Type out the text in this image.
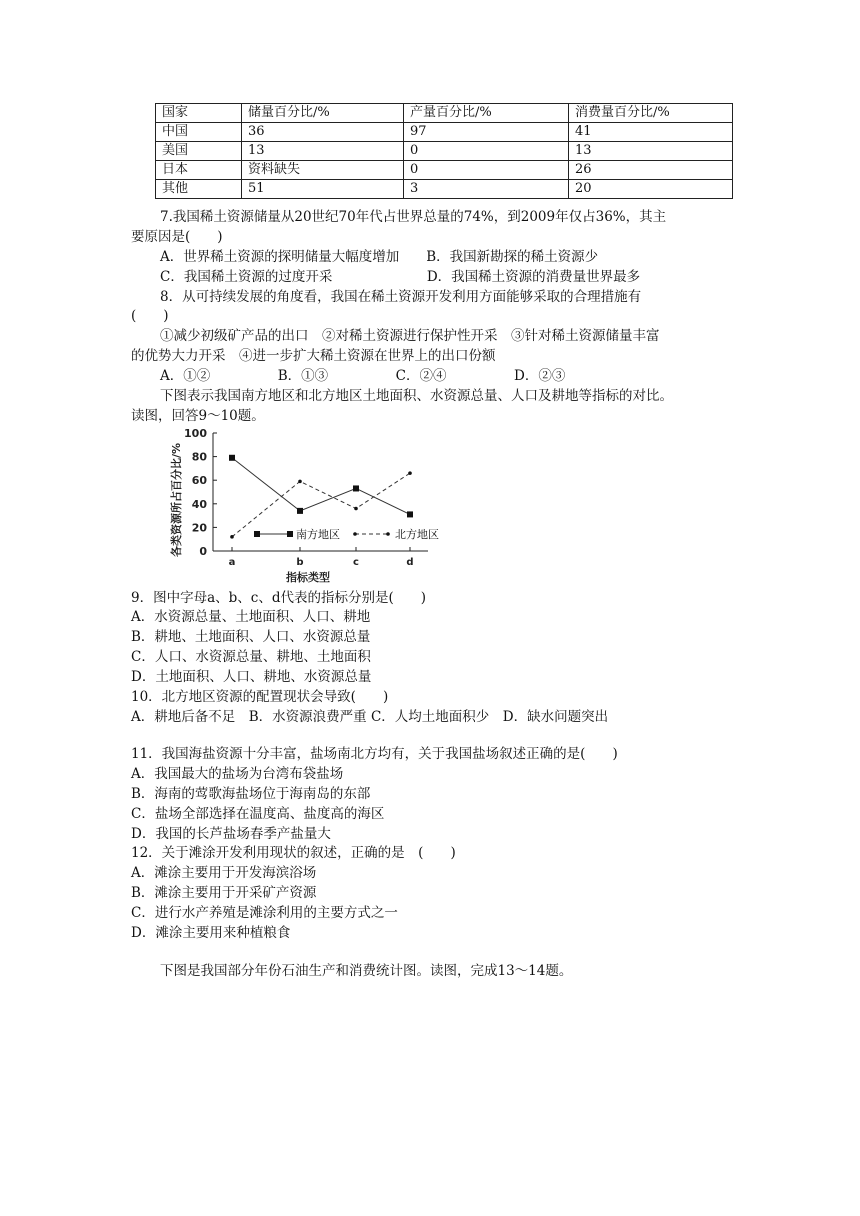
国家	储量百分比/%	产量百分比/%	消费量百分比/%
中国	36	97	41
美国	13	0	13
日本	资料缺失	0	26
其他	51	3	20
7.我国稀土资源储量从20世纪70年代占世界总量的74%，到2009年仅占36%，其主
要原因是(　　)
A．世界稀土资源的探明储量大幅度增加　　B．我国新勘探的稀土资源少
C．我国稀土资源的过度开采　　　　　　　D．我国稀土资源的消费量世界最多
8．从可持续发展的角度看，我国在稀土资源开发利用方面能够采取的合理措施有
(　　)
①减少初级矿产品的出口　②对稀土资源进行保护性开采　③针对稀土资源储量丰富
的优势大力开采　④进一步扩大稀土资源在世界上的出口份额
A．①②　　　　　B．①③　　　　　C．②④　　　　　D．②③
下图表示我国南方地区和北方地区土地面积、水资源总量、人口及耕地等指标的对比。
读图，回答9～10题。
0
20
40
60
80
100
a	b	c	d
指标类型
各类资源所占百分比/%	南方地区	北方地区
9．图中字母a、b、c、d代表的指标分别是(　　)
A．水资源总量、土地面积、人口、耕地
B．耕地、土地面积、人口、水资源总量
C．人口、水资源总量、耕地、土地面积
D．土地面积、人口、耕地、水资源总量
10．北方地区资源的配置现状会导致(　　)
A．耕地后备不足　B．水资源浪费严重 C．人均土地面积少　D．缺水问题突出
11．我国海盐资源十分丰富，盐场南北方均有，关于我国盐场叙述正确的是(　　)
A．我国最大的盐场为台湾布袋盐场
B．海南的莺歌海盐场位于海南岛的东部
C．盐场全部选择在温度高、盐度高的海区
D．我国的长芦盐场春季产盐量大
12．关于滩涂开发利用现状的叙述，正确的是　(　　)
A．滩涂主要用于开发海滨浴场
B．滩涂主要用于开采矿产资源
C．进行水产养殖是滩涂利用的主要方式之一
D．滩涂主要用来种植粮食
下图是我国部分年份石油生产和消费统计图。读图，完成13～14题。
